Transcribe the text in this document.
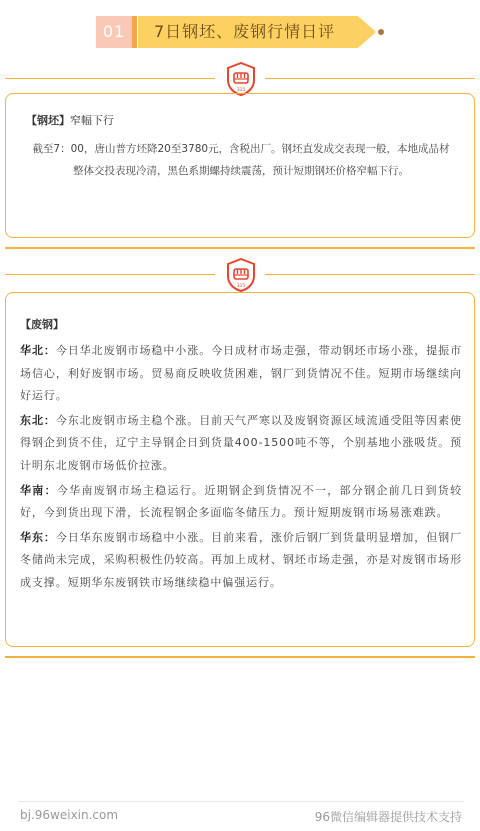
01	7日钢坯、废钢行情日评
315
【钢坯】窄幅下行
截至7：00，唐山普方坯降20至3780元，含税出厂。钢坯直发成交表现一般，本地成品材
整体交投表现冷清，黑色系期螺持续震荡，预计短期钢坯价格窄幅下行。
315
【废钢】
华北：今日华北废钢市场稳中小涨。今日成材市场走强，带动钢坯市场小涨，提振市场信心，利好废钢市场。贸易商反映收货困难，钢厂到货情况不佳。短期市场继续向好运行。
东北：今东北废钢市场主稳个涨。目前天气严寒以及废钢资源区域流通受阻等因素使得钢企到货不佳，辽宁主导钢企日到货量400-1500吨不等，个别基地小涨吸货。预计明东北废钢市场低价拉涨。
华南：今华南废钢市场主稳运行。近期钢企到货情况不一，部分钢企前几日到货较好，今到货出现下滑，长流程钢企多面临冬储压力。预计短期废钢市场易涨难跌。
华东：今日华东废钢市场稳中小涨。目前来看，涨价后钢厂到货量明显增加，但钢厂冬储尚未完成，采购积极性仍较高。再加上成材、钢坯市场走强，亦是对废钢市场形成支撑。短期华东废钢铁市场继续稳中偏强运行。
bj.96weixin.com	96微信编辑器提供技术支持
